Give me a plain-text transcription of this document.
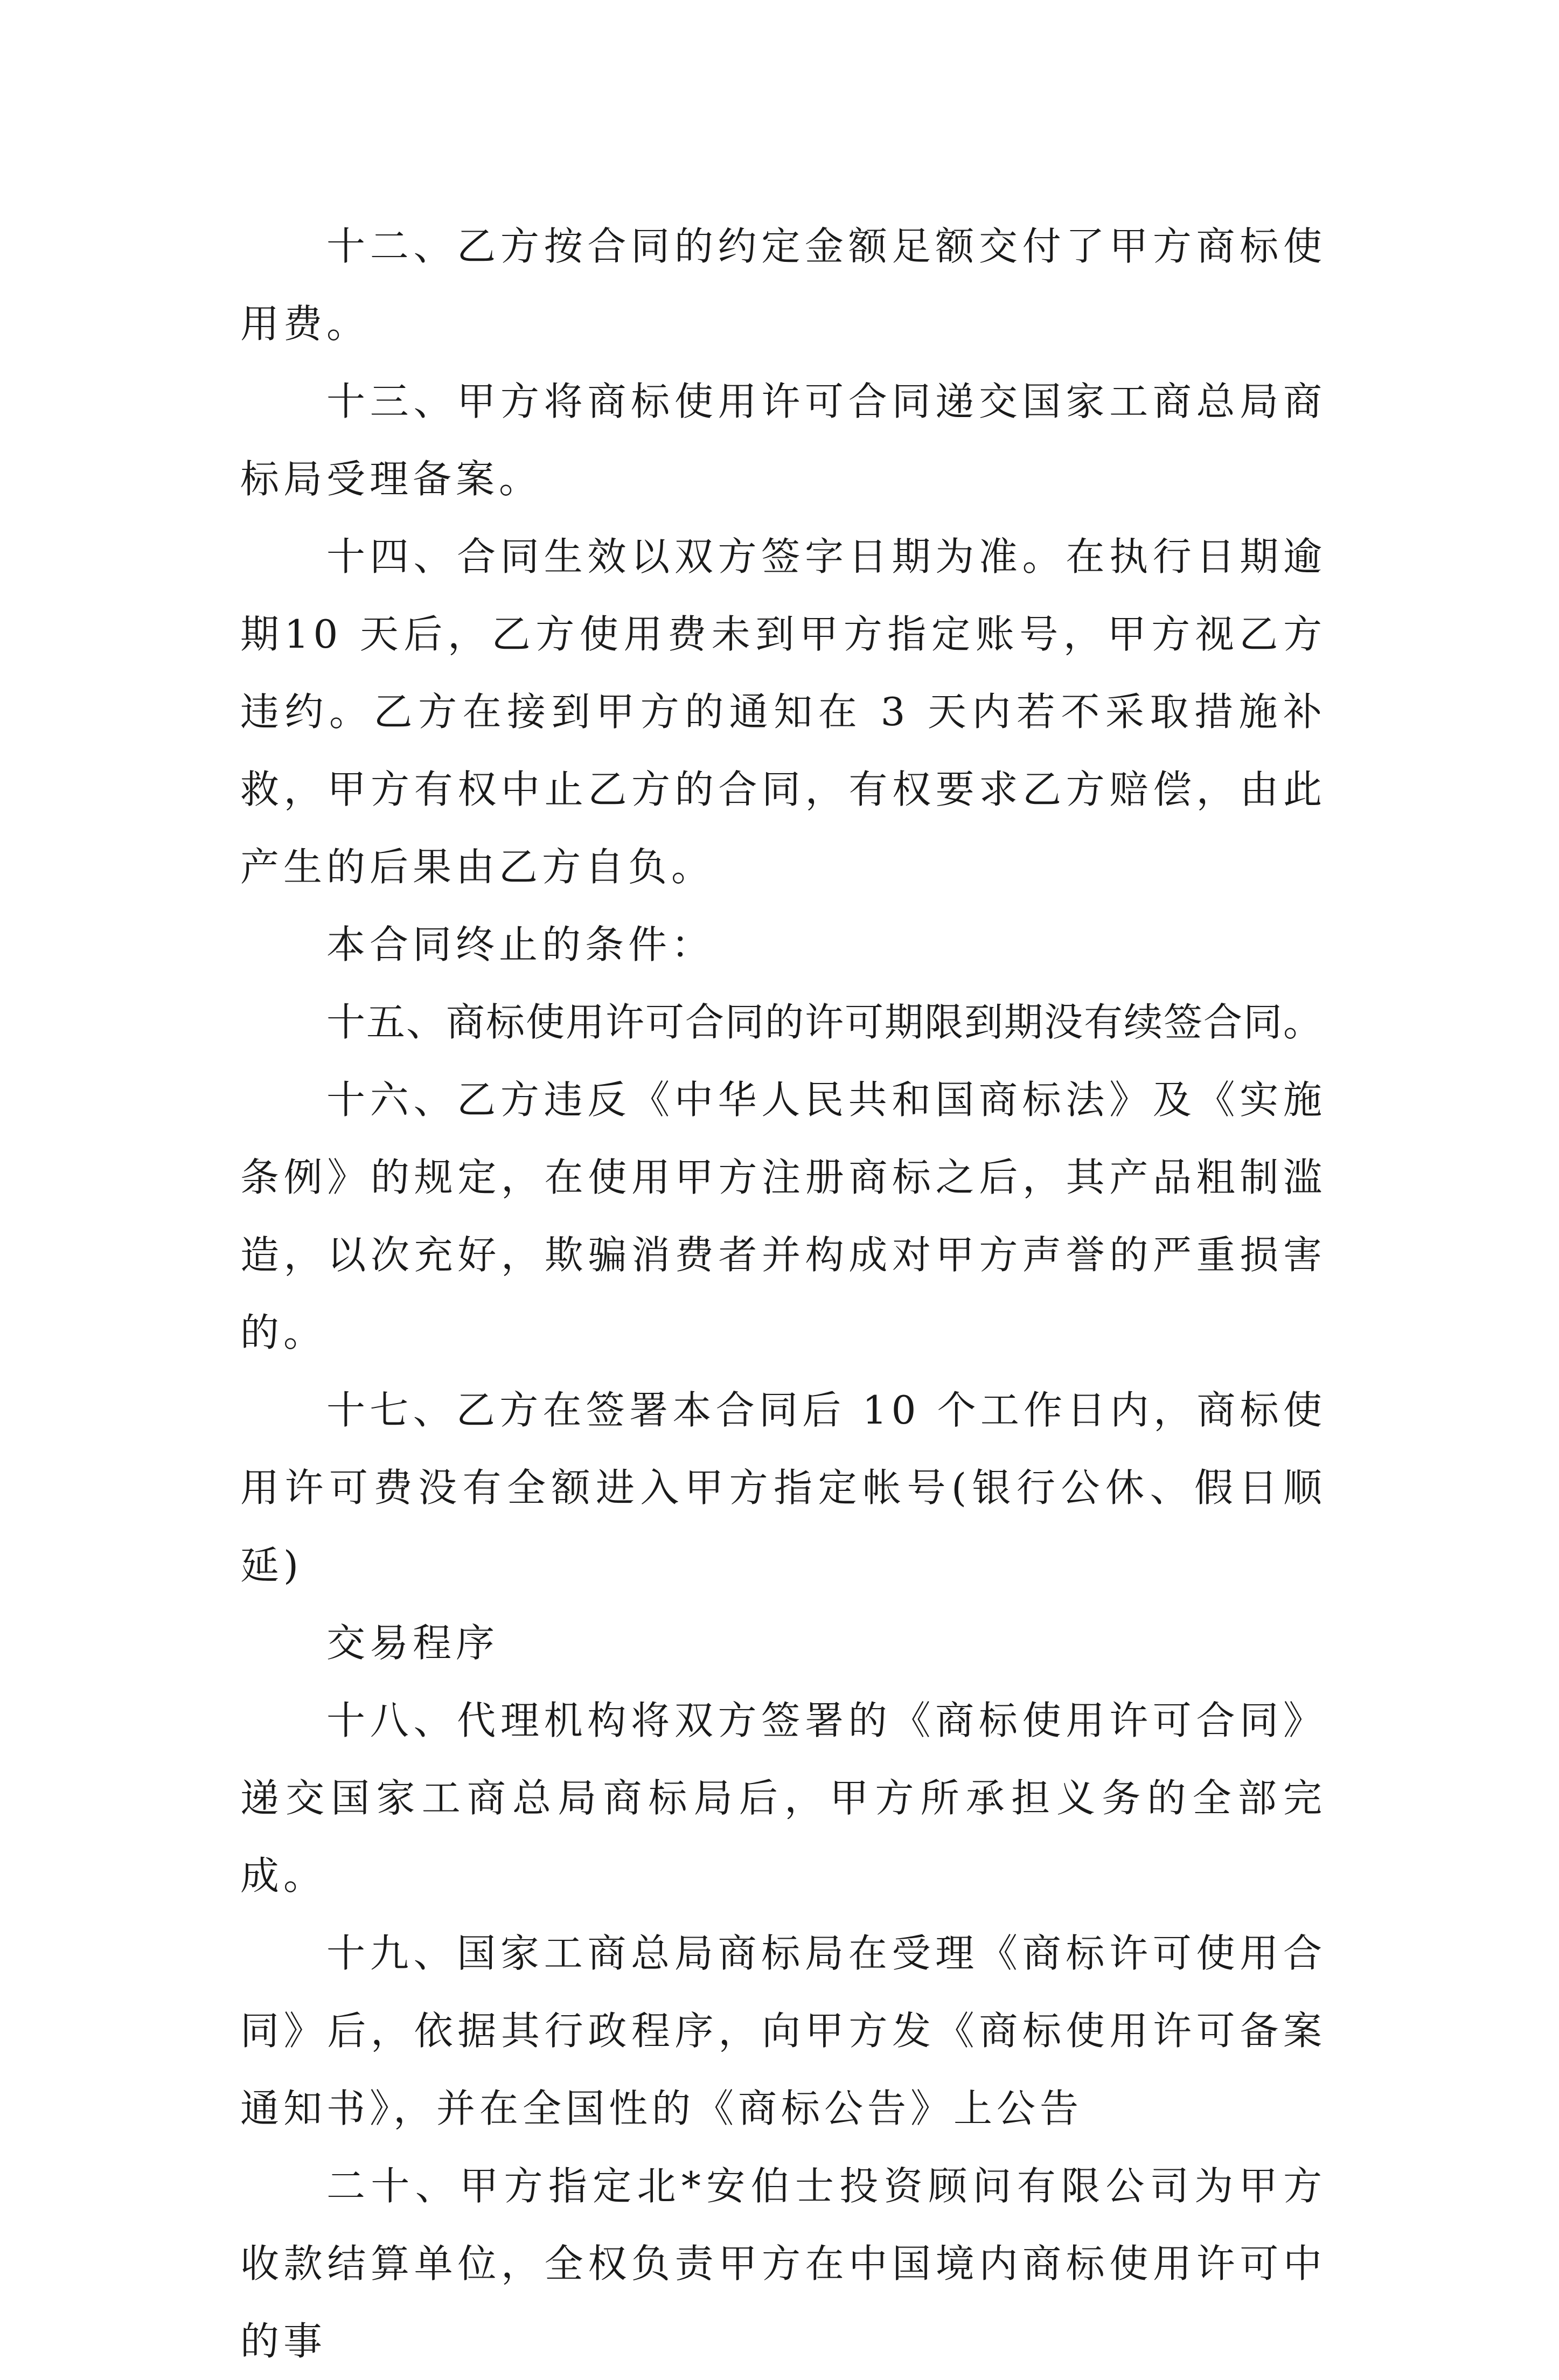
十二、乙方按合同的约定金额足额交付了甲方商标使用费。

十三、甲方将商标使用许可合同递交国家工商总局商标局受理备案。

十四、合同生效以双方签字日期为准。在执行日期逾期10 天后，乙方使用费未到甲方指定账号，甲方视乙方违约。乙方在接到甲方的通知在 3 天内若不采取措施补救，甲方有权中止乙方的合同，有权要求乙方赔偿，由此产生的后果由乙方自负。

本合同终止的条件：

十五、商标使用许可合同的许可期限到期没有续签合同。

十六、乙方违反《中华人民共和国商标法》及《实施条例》的规定，在使用甲方注册商标之后，其产品粗制滥造，以次充好，欺骗消费者并构成对甲方声誉的严重损害的。

十七、乙方在签署本合同后 10 个工作日内，商标使用许可费没有全额进入甲方指定帐号(银行公休、假日顺延)

交易程序

十八、代理机构将双方签署的《商标使用许可合同》递交国家工商总局商标局后，甲方所承担义务的全部完成。

十九、国家工商总局商标局在受理《商标许可使用合同》后，依据其行政程序，向甲方发《商标使用许可备案通知书》，并在全国性的《商标公告》上公告

二十、甲方指定北*安伯士投资顾问有限公司为甲方收款结算单位，全权负责甲方在中国境内商标使用许可中的事
